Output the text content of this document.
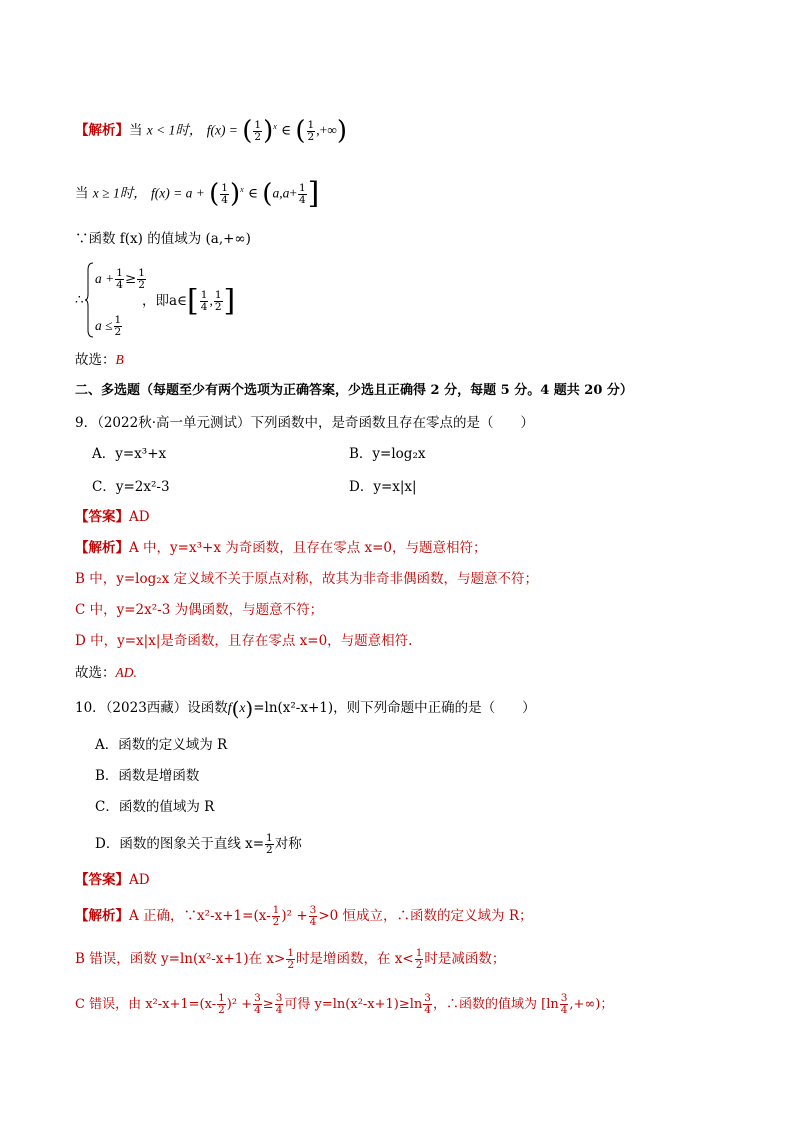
【解析】当 x < 1时， f(x) = ( $\frac{1}{2} )^x$ ∈ ( $\frac{1}{2}$ ,+∞)
当 x ≥ 1时， f(x) = a + ( $\frac{1}{4} )^x$ ∈ ($a,a+ \frac{1}{4}$ ]
∵函数 f(x) 的值域为 (a,+∞)
∴
$a + \frac{1}{4} \ge \frac{1}{2}$
，即a∈[ $\frac{1}{4}$ , $\frac{1}{2}$ ]
$a \le \frac{1}{2}$
故选：B
二、多选题（每题至少有两个选项为正确答案，少选且正确得 2 分，每题 5 分。4 题共 20 分）
9．（2022秋·高一单元测试）下列函数中，是奇函数且存在零点的是（　　）
A．y=x³+x	B．y=log₂x
C．y=2x²-3	D．y=x|x|
【答案】AD
【解析】A 中，y=x³+x 为奇函数，且存在零点 x=0，与题意相符；
B 中，y=log₂x 定义域不关于原点对称，故其为非奇非偶函数，与题意不符；
C 中，y=2x²-3 为偶函数，与题意不符；
D 中，y=x|x|是奇函数，且存在零点 x=0，与题意相符.
故选：AD.
10．（2023西藏）设函数f(x)=ln(x²-x+1)，则下列命题中正确的是（　　）
A．函数的定义域为 R
B．函数是增函数
C．函数的值域为 R
D．函数的图象关于直线 $x= \frac{1}{2}$ 对称
【答案】AD
【解析】A 正确，∵x²-x+1=(x- $\frac{1}{2} )^2 + \frac{3}{4} >0$ 恒成立，∴函数的定义域为 R；
B 错误，函数 y=ln(x²-x+1)在 $x> \frac{1}{2}$ 时是增函数，在 $x< \frac{1}{2}$ 时是减函数；
C 错误，由 $x^2-x+1=(x- \frac{1}{2} )^2 + \frac{3}{4} \ge \frac{3}{4}$ 可得 $y=\ln(x^2-x+1)\ge\ln \frac{3}{4}$ ，∴函数的值域为 [$\ln \frac{3}{4}$ ,+∞)；
